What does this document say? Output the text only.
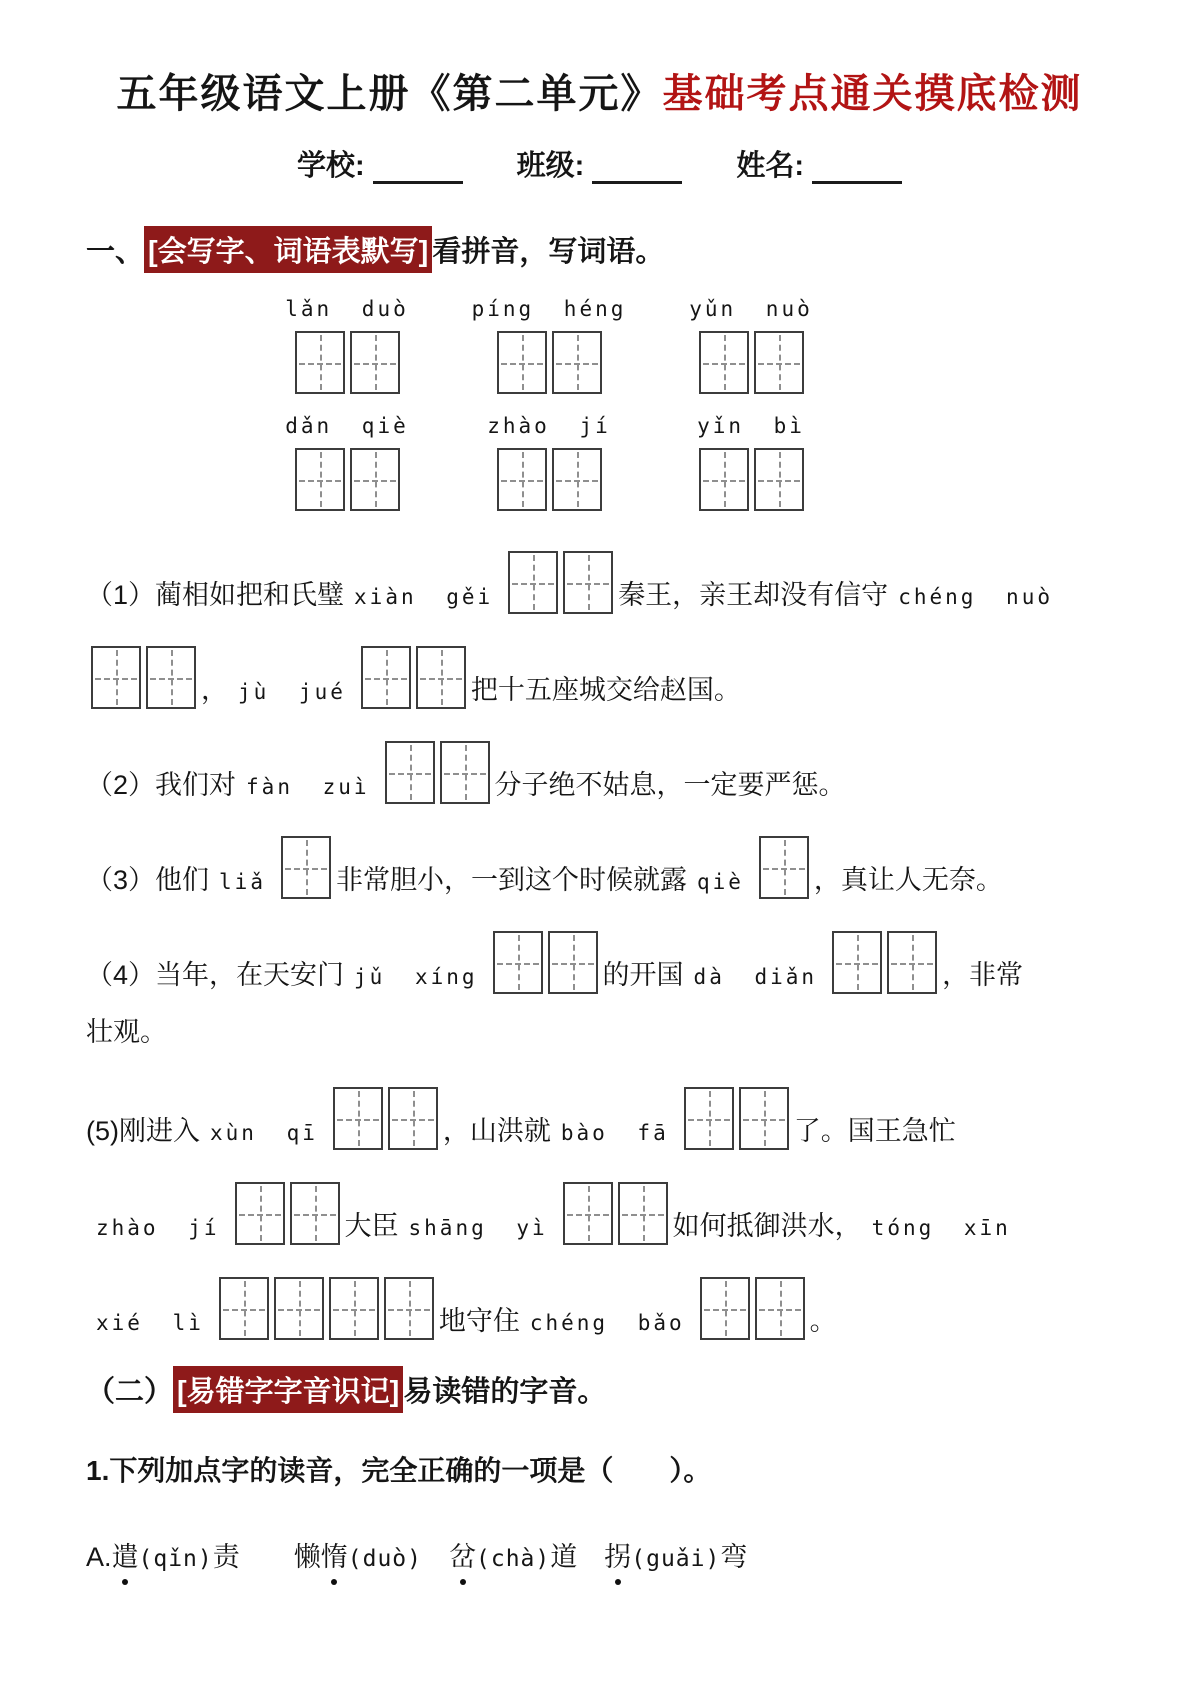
五年级语文上册《第二单元》基础考点通关摸底检测
学校:	班级:	姓名:
一、 [会写字、词语表默写] 看拼音，写词语。
lǎn duò	píng héng	yǔn nuò
dǎn qiè	zhào jí	yǐn bì
（1）蔺相如把和氏璧 xiàn gěi	秦王，亲王却没有信守 chéng nuò
， jù jué	把十五座城交给赵国。
（2）我们对 fàn zuì	分子绝不姑息，一定要严惩。
（3）他们 liǎ	非常胆小，一到这个时候就露 qiè	，真让人无奈。
（4）当年，在天安门 jǔ xíng	的开国 dà diǎn	，非常
壮观。
(5)刚进入 xùn qī	，山洪就 bào fā	了。国王急忙
zhào jí	大臣 shāng yì	如何抵御洪水， tóng xīn
xié lì	地守住 chéng bǎo	。
（二） [易错字字音识记] 易读错的字音。
1.下列加点字的读音，完全正确的一项是（　　）。
A. 遣 (qǐn) 责　　懒 惰 (duò)
　 岔 (chà) 道　 拐 (guǎi) 弯
